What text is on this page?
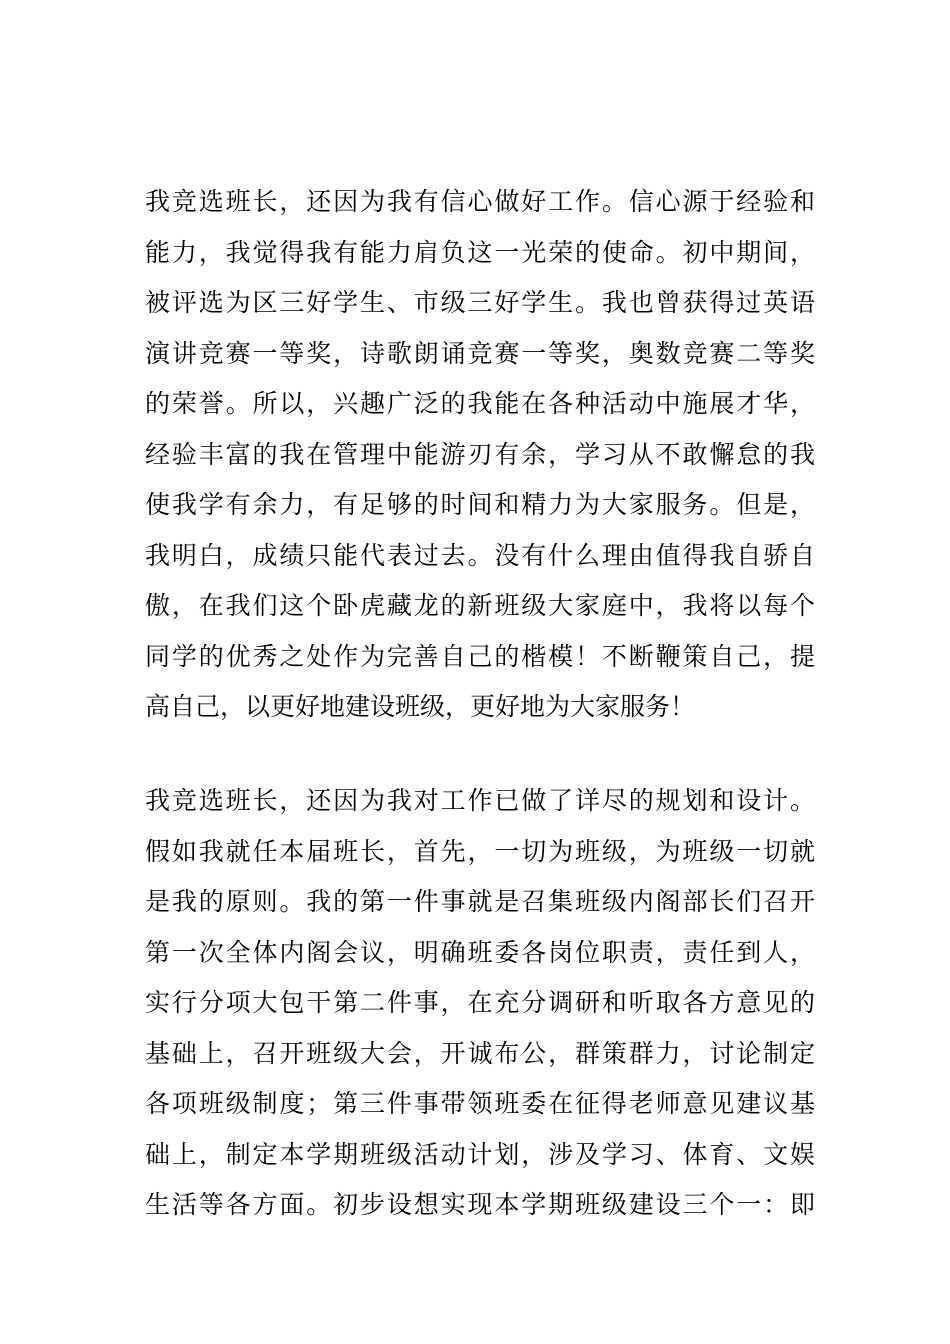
我竞选班长，还因为我有信心做好工作。信心源于经验和
能力，我觉得我有能力肩负这一光荣的使命。初中期间，
被评选为区三好学生、市级三好学生。我也曾获得过英语
演讲竞赛一等奖，诗歌朗诵竞赛一等奖，奥数竞赛二等奖
的荣誉。所以，兴趣广泛的我能在各种活动中施展才华，
经验丰富的我在管理中能游刃有余，学习从不敢懈怠的我
使我学有余力，有足够的时间和精力为大家服务。但是，
我明白，成绩只能代表过去。没有什么理由值得我自骄自
傲，在我们这个卧虎藏龙的新班级大家庭中，我将以每个
同学的优秀之处作为完善自己的楷模！不断鞭策自己，提
高自己，以更好地建设班级，更好地为大家服务！
我竞选班长，还因为我对工作已做了详尽的规划和设计。
假如我就任本届班长，首先，一切为班级，为班级一切就
是我的原则。我的第一件事就是召集班级内阁部长们召开
第一次全体内阁会议，明确班委各岗位职责，责任到人，
实行分项大包干第二件事，在充分调研和听取各方意见的
基础上，召开班级大会，开诚布公，群策群力，讨论制定
各项班级制度；第三件事带领班委在征得老师意见建议基
础上，制定本学期班级活动计划，涉及学习、体育、文娱
生活等各方面。初步设想实现本学期班级建设三个一：即
